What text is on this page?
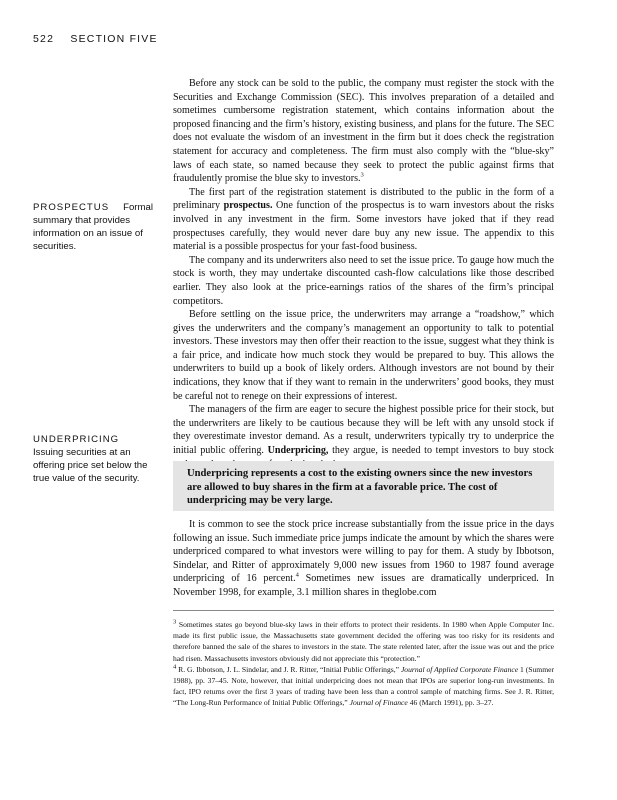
522 SECTION FIVE
PROSPECTUS Formal summary that provides information on an issue of securities.
UNDERPRICING
Issuing securities at an offering price set below the true value of the security.

Before any stock can be sold to the public, the company must register the stock with the Securities and Exchange Commission (SEC). This involves preparation of a detailed and sometimes cumbersome registration statement, which contains information about the proposed financing and the firm’s history, existing business, and plans for the future. The SEC does not evaluate the wisdom of an investment in the firm but it does check the registration statement for accuracy and completeness. The firm must also comply with the “blue-sky” laws of each state, so named because they seek to protect the public against firms that fraudulently promise the blue sky to investors.$^3$

The first part of the registration statement is distributed to the public in the form of a preliminary prospectus. One function of the prospectus is to warn investors about the risks involved in any investment in the firm. Some investors have joked that if they read prospectuses carefully, they would never dare buy any new issue. The appendix to this material is a possible prospectus for your fast-food business.

The company and its underwriters also need to set the issue price. To gauge how much the stock is worth, they may undertake discounted cash-flow calculations like those described earlier. They also look at the price-earnings ratios of the shares of the firm’s principal competitors.

Before settling on the issue price, the underwriters may arrange a “roadshow,” which gives the underwriters and the company’s management an opportunity to talk to potential investors. These investors may then offer their reaction to the issue, suggest what they think is a fair price, and indicate how much stock they would be prepared to buy. This allows the underwriters to build up a book of likely orders. Although investors are not bound by their indications, they know that if they want to remain in the underwriters’ good books, they must be careful not to renege on their expressions of interest.

The managers of the firm are eager to secure the highest possible price for their stock, but the underwriters are likely to be cautious because they will be left with any unsold stock if they overestimate investor demand. As a result, underwriters typically try to underprice the initial public offering. Underpricing, they argue, is needed to tempt investors to buy stock

Underpricing represents a cost to the existing owners since the new investors are allowed to buy shares in the firm at a favorable price. The cost of underpricing may be very large.

It is common to see the stock price increase substantially from the issue price in the days following an issue. Such immediate price jumps indicate the amount by which the shares were underpriced compared to what investors were willing to pay for them. A study by Ibbotson, Sindelar, and Ritter of approximately 9,000 new issues from 1960 to 1987 found average underpricing of 16 percent.$^4$ Sometimes new issues are dramatically underpriced. In November 1998, for example, 3.1 million shares in theglobe.com

$^3$ Sometimes states go beyond blue-sky laws in their efforts to protect their residents. In 1980 when Apple Computer Inc. made its first public issue, the Massachusetts state government decided the offering was too risky for its residents and therefore banned the sale of the shares to investors in the state. The state relented later, after the issue was out and the price had risen. Massachusetts investors obviously did not appreciate this “protection.”

$^4$ R. G. Ibbotson, J. L. Sindelar, and J. R. Ritter, “Initial Public Offerings,” Journal of Applied Corporate Finance 1 (Summer 1988), pp. 37–45. Note, however, that initial underpricing does not mean that IPOs are superior long-run investments. In fact, IPO returns over the first 3 years of trading have been less than a control sample of matching firms. See J. R. Ritter, “The Long-Run Performance of Initial Public Offerings,” Journal of Finance 46 (March 1991), pp. 3–27.
